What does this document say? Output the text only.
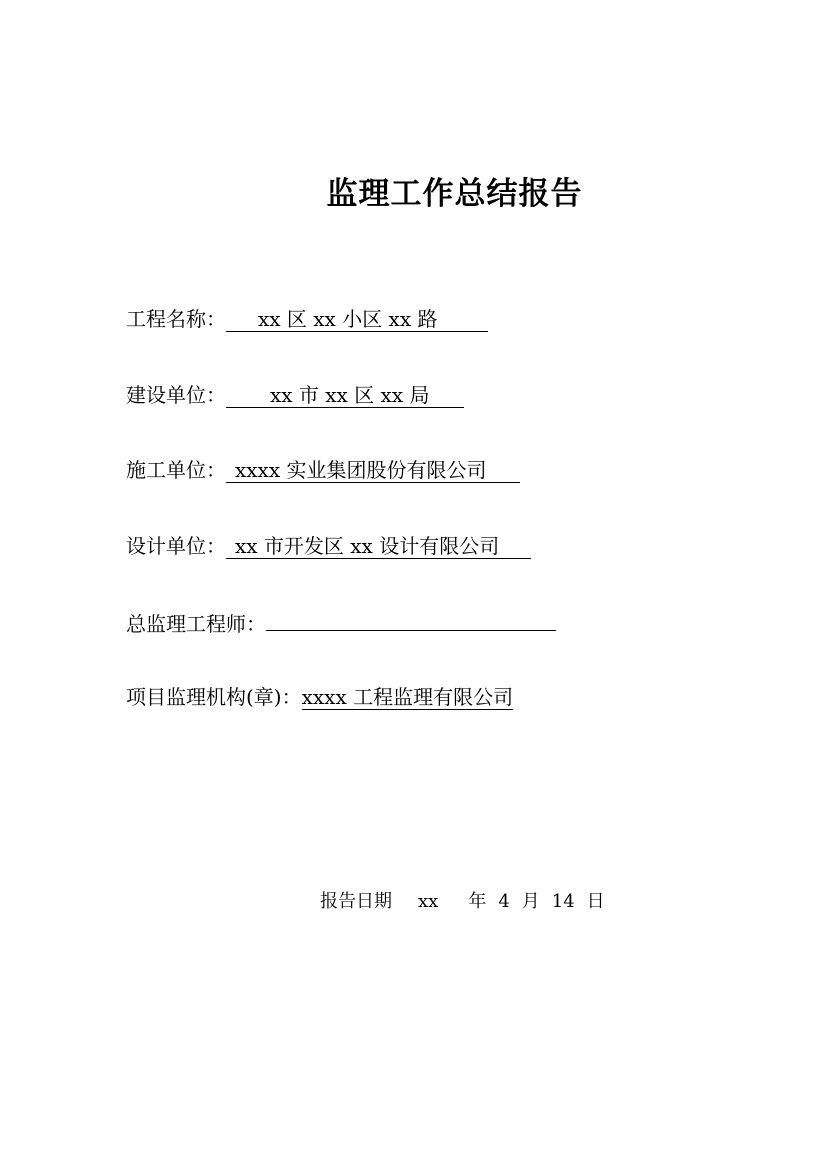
监理工作总结报告
工程名称： xx 区 xx 小区 xx 路
建设单位： xx 市 xx 区 xx 局
施工单位： xxxx 实业集团股份有限公司
设计单位： xx 市开发区 xx 设计有限公司
总监理工程师：
项目监理机构(章)：xxxx 工程监理有限公司
报告日期 xx 年 4 月 14 日
